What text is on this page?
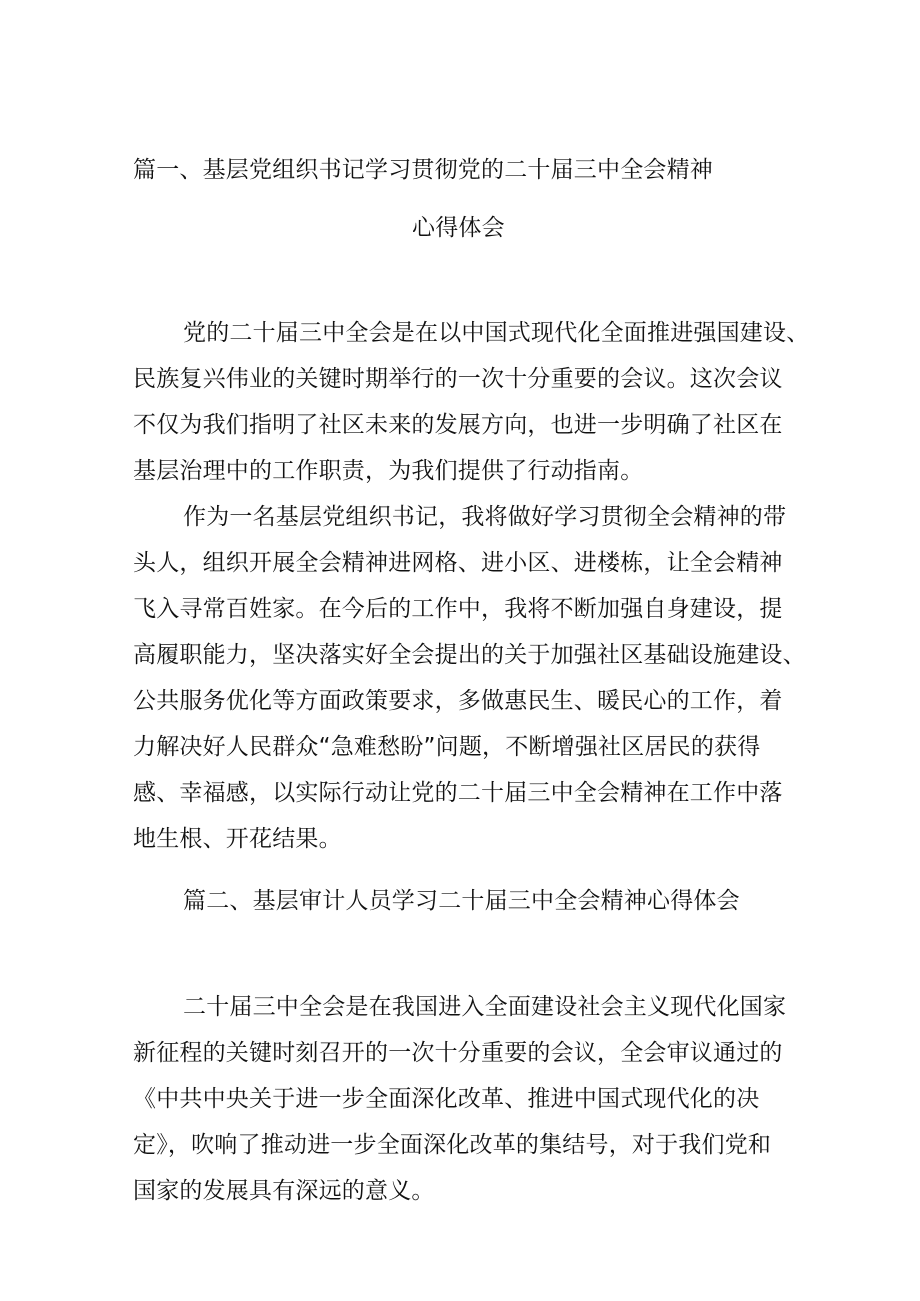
篇一、基层党组织书记学习贯彻党的二十届三中全会精神
心得体会
党的二十届三中全会是在以中国式现代化全面推进强国建设、
民族复兴伟业的关键时期举行的一次十分重要的会议。这次会议
不仅为我们指明了社区未来的发展方向，也进一步明确了社区在
基层治理中的工作职责，为我们提供了行动指南。
作为一名基层党组织书记，我将做好学习贯彻全会精神的带
头人，组织开展全会精神进网格、进小区、进楼栋，让全会精神
飞入寻常百姓家。在今后的工作中，我将不断加强自身建设，提
高履职能力，坚决落实好全会提出的关于加强社区基础设施建设、
公共服务优化等方面政策要求，多做惠民生、暖民心的工作，着
力解决好人民群众“急难愁盼”问题，不断增强社区居民的获得
感、幸福感，以实际行动让党的二十届三中全会精神在工作中落
地生根、开花结果。
篇二、基层审计人员学习二十届三中全会精神心得体会
二十届三中全会是在我国进入全面建设社会主义现代化国家
新征程的关键时刻召开的一次十分重要的会议，全会审议通过的
《中共中央关于进一步全面深化改革、推进中国式现代化的决
定》，吹响了推动进一步全面深化改革的集结号，对于我们党和
国家的发展具有深远的意义。
